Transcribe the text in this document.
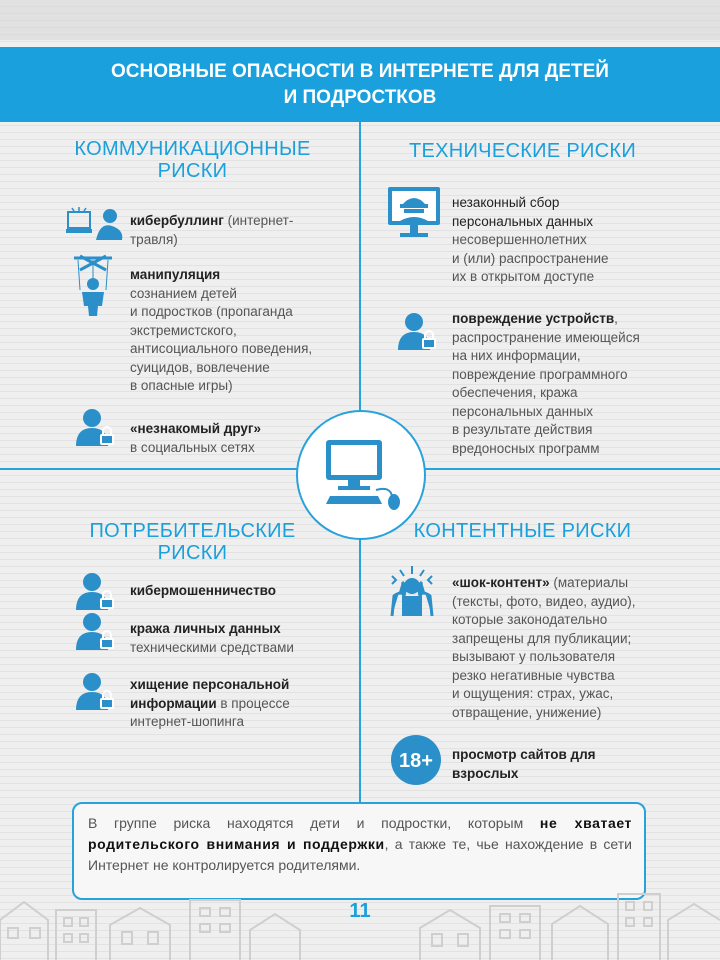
ОСНОВНЫЕ ОПАСНОСТИ В ИНТЕРНЕТЕ ДЛЯ ДЕТЕЙ
И ПОДРОСТКОВ
КОММУНИКАЦИОННЫЕ
РИСКИ
кибербуллинг (интернет-
травля)
манипуляция
сознанием детей
и подростков (пропаганда
экстремистского,
антисоциального поведения,
суицидов, вовлечение
в опасные игры)
«незнакомый друг»
в социальных сетях
ТЕХНИЧЕСКИЕ РИСКИ
незаконный сбор
персональных данных
несовершеннолетних
и (или) распространение
их в открытом доступе
повреждение устройств,
распространение имеющейся
на них информации,
повреждение программного
обеспечения, кража
персональных данных
в результате действия
вредоносных программ
ПОТРЕБИТЕЛЬСКИЕ
РИСКИ
кибермошенничество
кража личных данных
техническими средствами
хищение персональной
информации в процессе
интернет-шопинга
КОНТЕНТНЫЕ РИСКИ
«шок-контент» (материалы
(тексты, фото, видео, аудио),
которые законодательно
запрещены для публикации;
вызывают у пользователя
резко негативные чувства
и ощущения: страх, ужас,
отвращение, унижение)
18+ просмотр сайтов для
взрослых
В группе риска находятся дети и подростки, которым не хватает родительского внимания и поддержки, а также те, чье нахождение в сети Интернет не контролируется родителями.
11
